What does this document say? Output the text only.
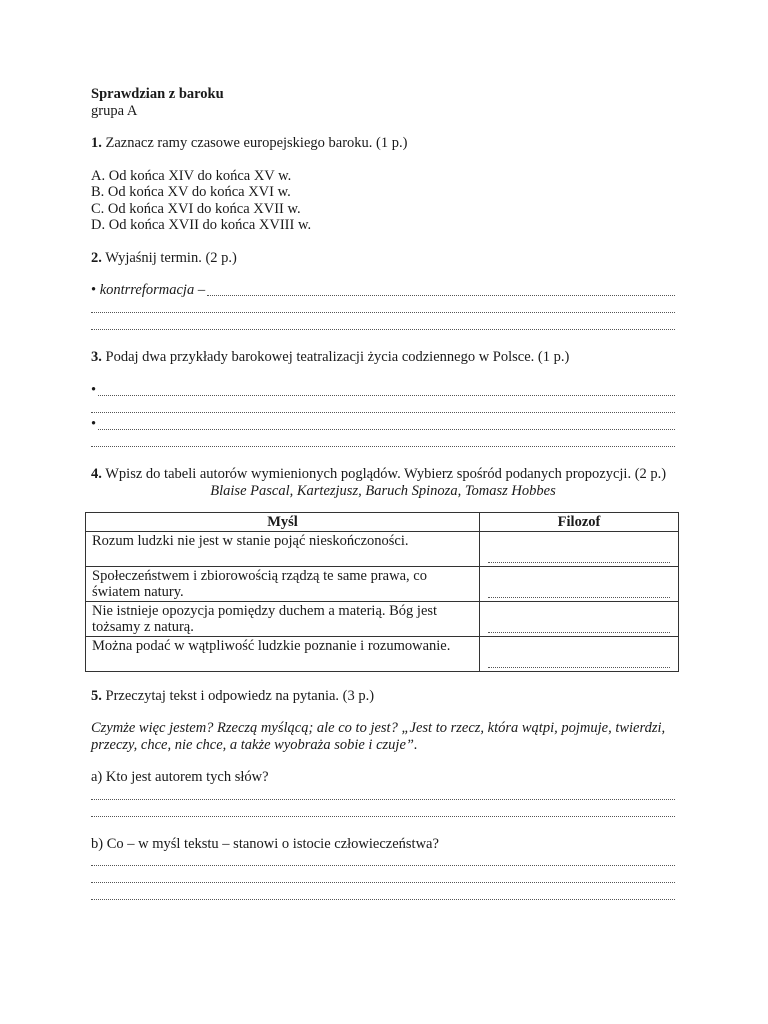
Sprawdzian z baroku

grupa A

1. Zaznacz ramy czasowe europejskiego baroku. (1 p.)

A. Od końca XIV do końca XV w.

B. Od końca XV do końca XVI w.

C. Od końca XVI do końca XVII w.

D. Od końca XVII do końca XVIII w.

2. Wyjaśnij termin. (2 p.)

• kontrreformacja –

3. Podaj dwa przykłady barokowej teatralizacji życia codziennego w Polsce. (1 p.)

•
•

4. Wpisz do tabeli autorów wymienionych poglądów. Wybierz spośród podanych propozycji. (2 p.)

Blaise Pascal, Kartezjusz, Baruch Spinoza, Tomasz Hobbes

Myśl	Filozof
Rozum ludzki nie jest w stanie pojąć nieskończoności.	

Społeczeństwem i zbiorowością rządzą te same prawa, co światem natury.	

Nie istnieje opozycja pomiędzy duchem a materią. Bóg jest tożsamy z naturą.	

Można podać w wątpliwość ludzkie poznanie i rozumowanie.	

5. Przeczytaj tekst i odpowiedz na pytania. (3 p.)

Czymże więc jestem? Rzeczą myślącą; ale co to jest? „Jest to rzecz, która wątpi, pojmuje, twierdzi, przeczy, chce, nie chce, a także wyobraża sobie i czuje”.

a) Kto jest autorem tych słów?

b) Co – w myśl tekstu – stanowi o istocie człowieczeństwa?
